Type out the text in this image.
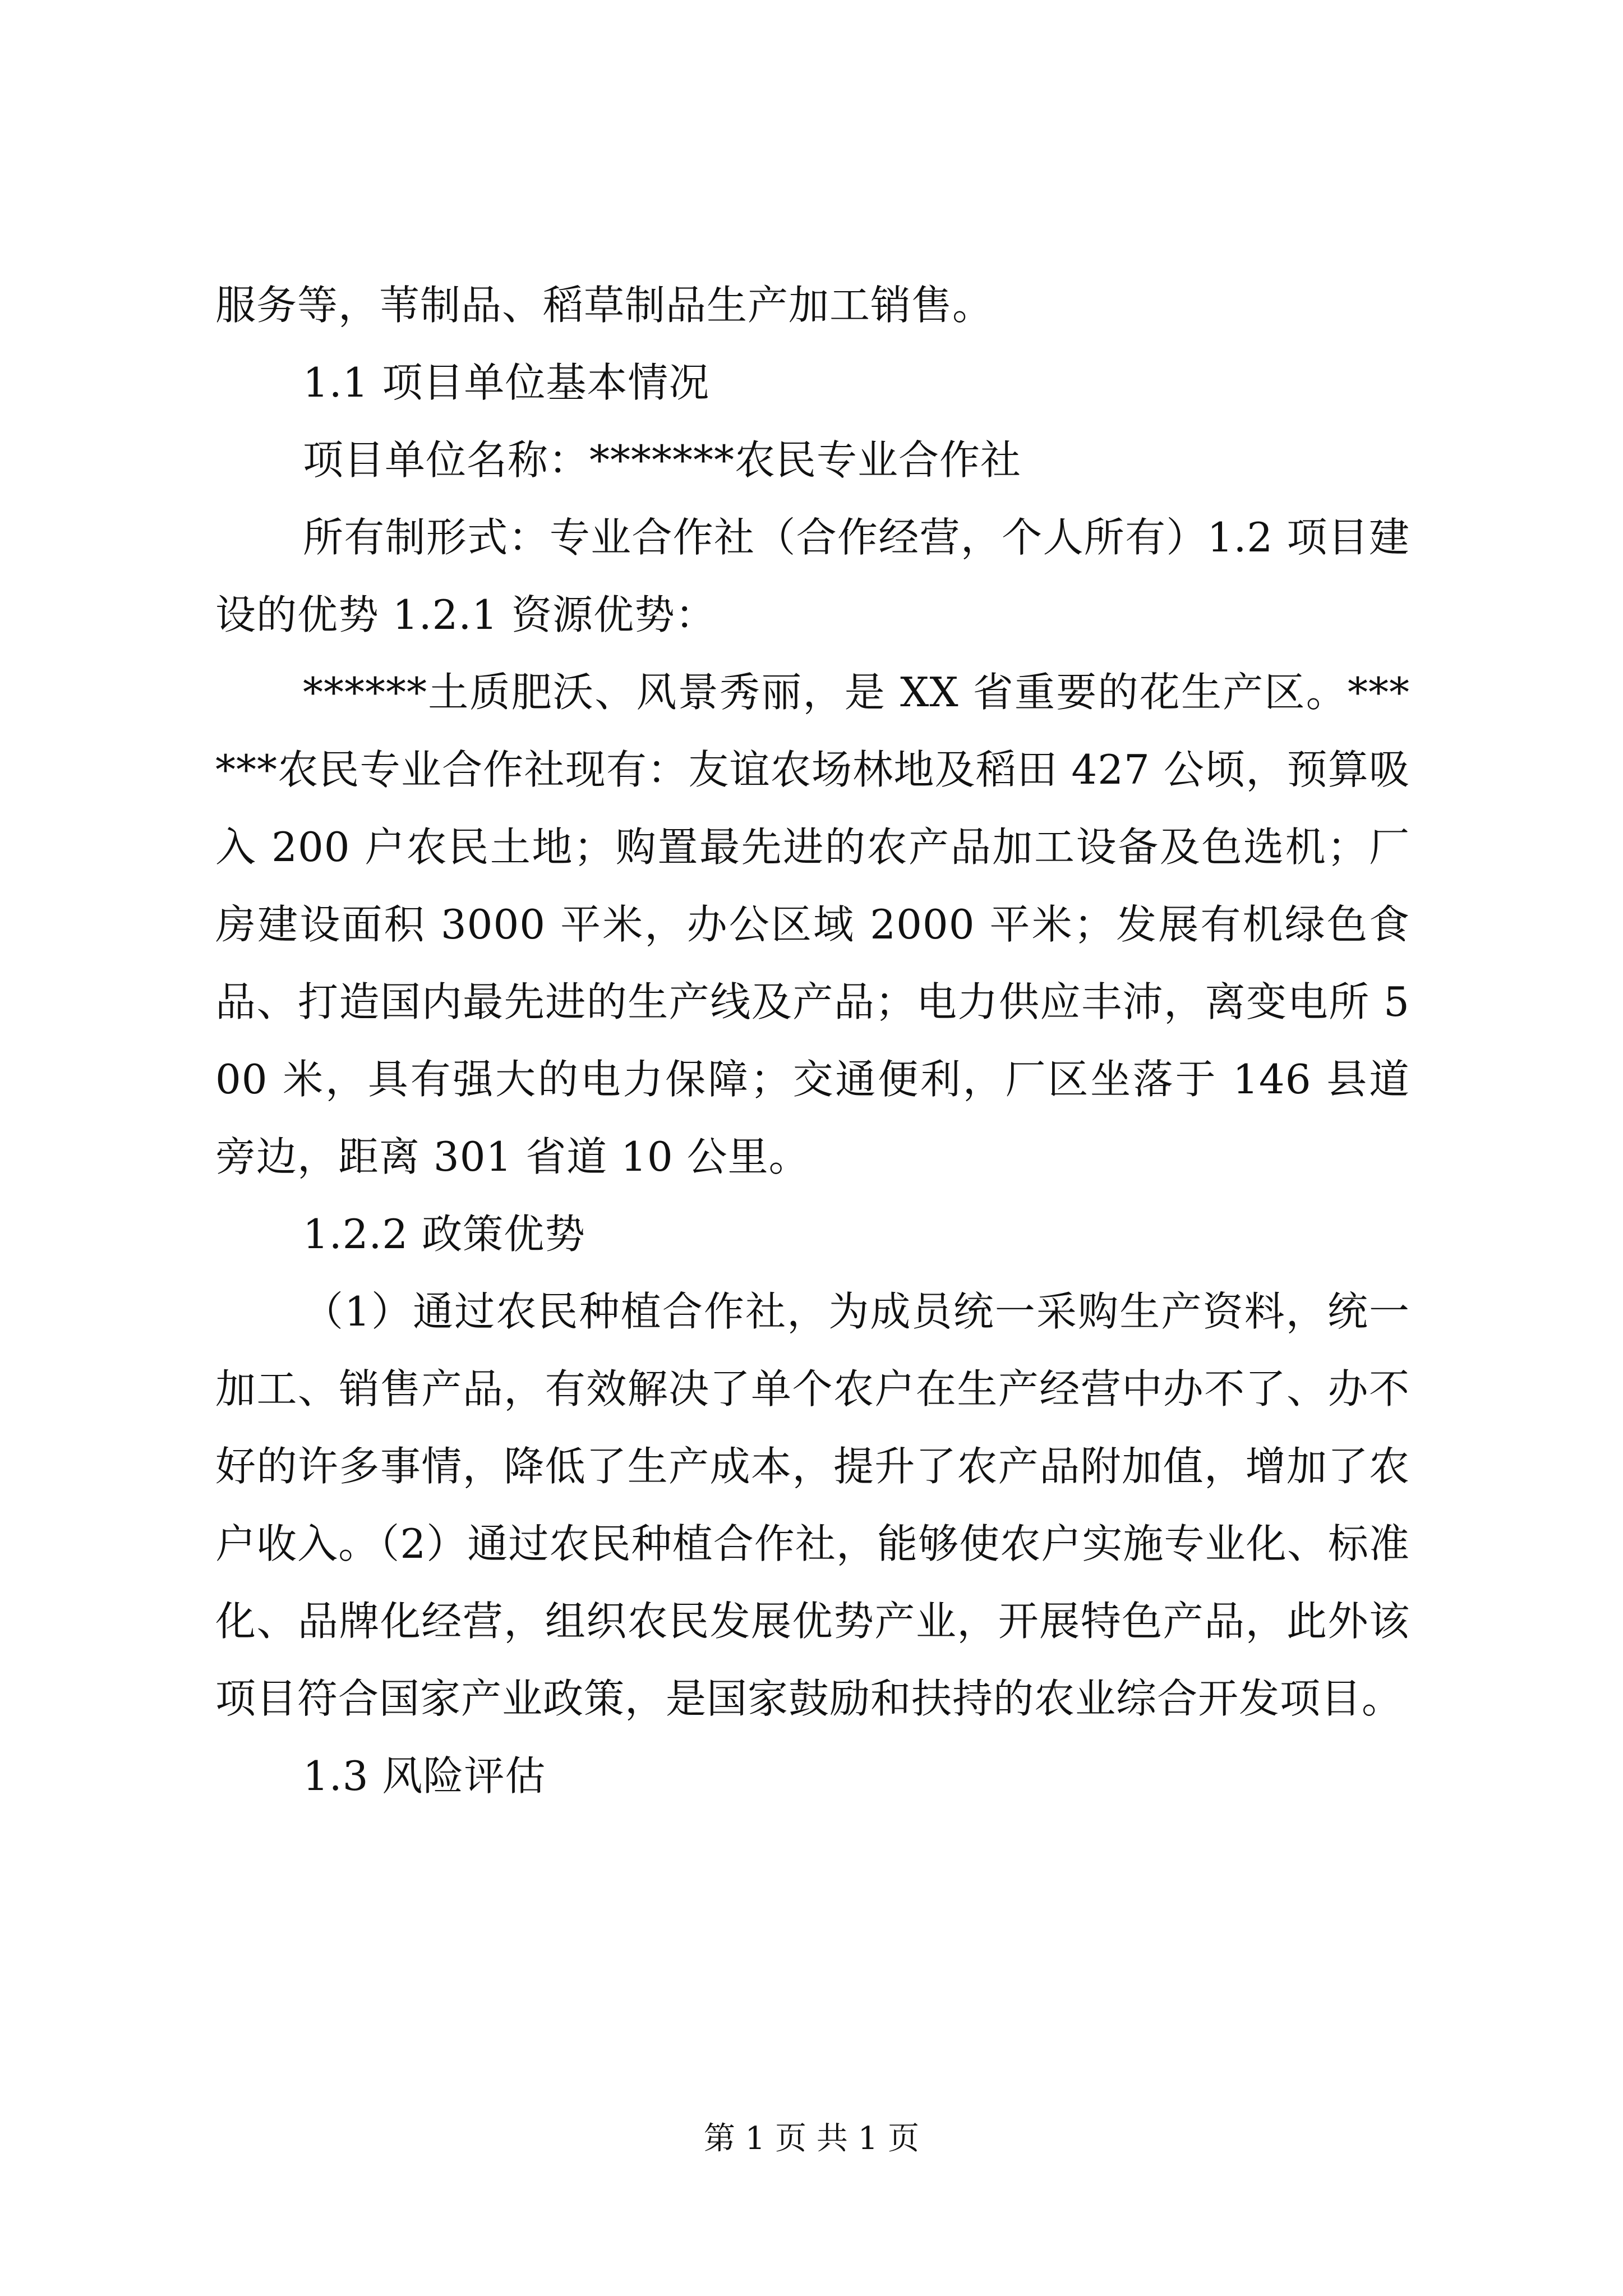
服务等，苇制品、稻草制品生产加工销售。

1.1 项目单位基本情况

项目单位名称：*******农民专业合作社

所有制形式：专业合作社（合作经营，个人所有）1.2 项目建设的优势 1.2.1 资源优势：

******土质肥沃、风景秀丽，是 XX 省重要的花生产区。******农民专业合作社现有：友谊农场林地及稻田 427 公顷，预算吸入 200 户农民土地；购置最先进的农产品加工设备及色选机；厂房建设面积 3000 平米，办公区域 2000 平米；发展有机绿色食品、打造国内最先进的生产线及产品；电力供应丰沛，离变电所 500 米，具有强大的电力保障；交通便利，厂区坐落于 146 县道旁边，距离 301 省道 10 公里。

1.2.2 政策优势

（1）通过农民种植合作社，为成员统一采购生产资料，统一加工、销售产品，有效解决了单个农户在生产经营中办不了、办不好的许多事情，降低了生产成本，提升了农产品附加值，增加了农户收入。（2）通过农民种植合作社，能够使农户实施专业化、标准化、品牌化经营，组织农民发展优势产业，开展特色产品，此外该项目符合国家产业政策，是国家鼓励和扶持的农业综合开发项目。

1.3 风险评估

第 1 页 共 1 页
